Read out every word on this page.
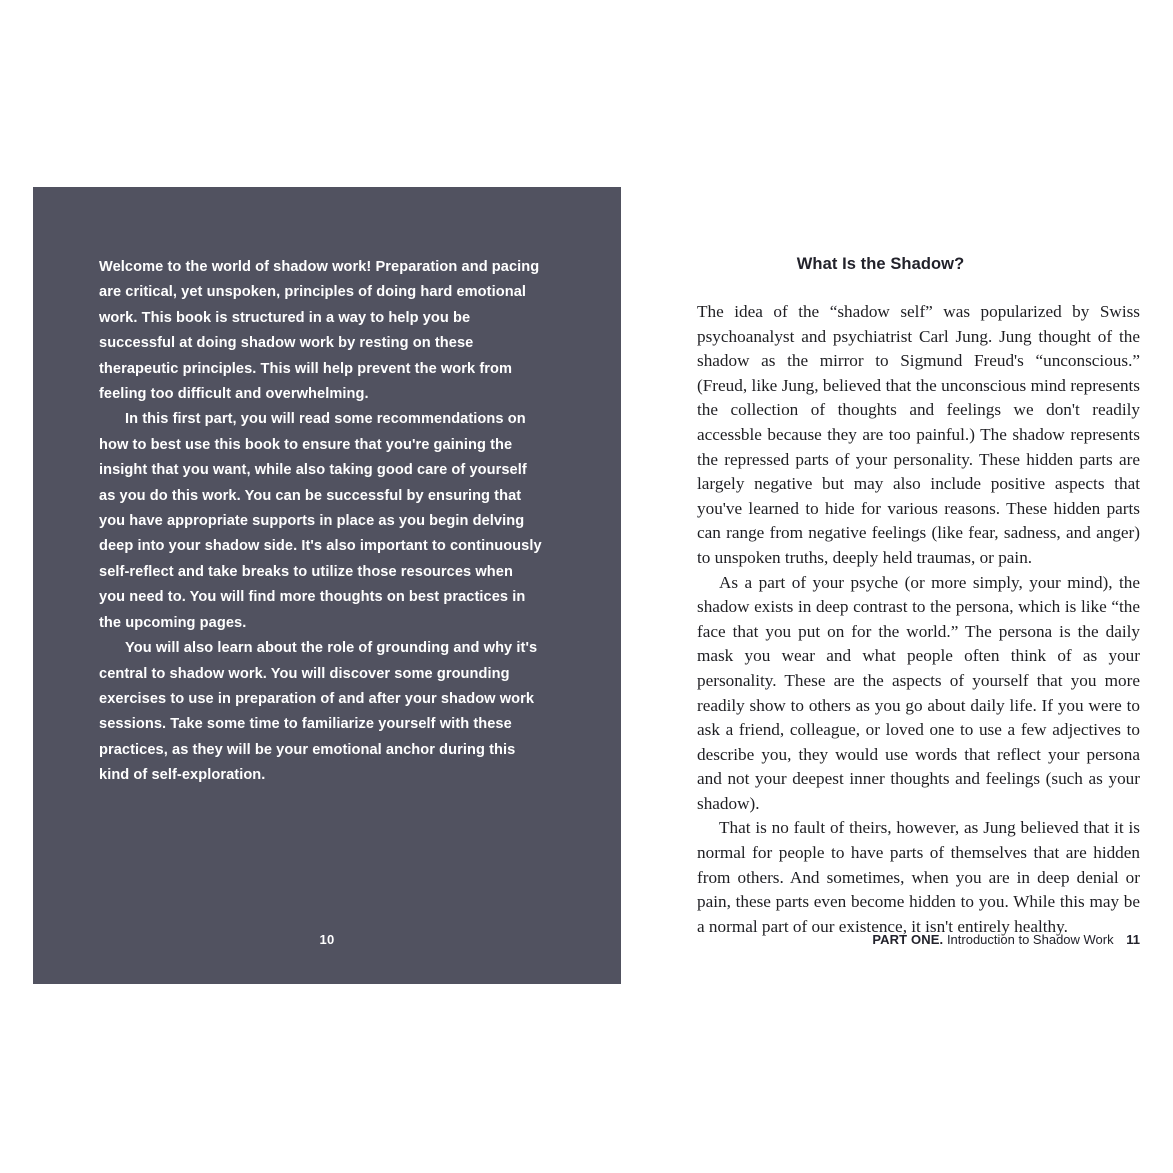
Welcome to the world of shadow work! Preparation and pacing are critical, yet unspoken, principles of doing hard emotional work. This book is structured in a way to help you be successful at doing shadow work by resting on these therapeutic principles. This will help prevent the work from feeling too difficult and overwhelming.

In this first part, you will read some recommendations on how to best use this book to ensure that you're gaining the insight that you want, while also taking good care of yourself as you do this work. You can be successful by ensuring that you have appropriate supports in place as you begin delving deep into your shadow side. It's also important to continuously self-reflect and take breaks to utilize those resources when you need to. You will find more thoughts on best practices in the upcoming pages.

You will also learn about the role of grounding and why it's central to shadow work. You will discover some grounding exercises to use in preparation of and after your shadow work sessions. Take some time to familiarize yourself with these practices, as they will be your emotional anchor during this kind of self-exploration.

10
What Is the Shadow?

The idea of the “shadow self” was popularized by Swiss psychoanalyst and psychiatrist Carl Jung. Jung thought of the shadow as the mirror to Sigmund Freud's “unconscious.” (Freud, like Jung, believed that the unconscious mind represents the collection of thoughts and feelings we don't readily accessble because they are too painful.) The shadow represents the repressed parts of your personality. These hidden parts are largely negative but may also include positive aspects that you've learned to hide for various reasons. These hidden parts can range from negative feelings (like fear, sadness, and anger) to unspoken truths, deeply held traumas, or pain.

As a part of your psyche (or more simply, your mind), the shadow exists in deep contrast to the persona, which is like “the face that you put on for the world.” The persona is the daily mask you wear and what people often think of as your personality. These are the aspects of yourself that you more readily show to others as you go about daily life. If you were to ask a friend, colleague, or loved one to use a few adjectives to describe you, they would use words that reflect your persona and not your deepest inner thoughts and feelings (such as your shadow).

That is no fault of theirs, however, as Jung believed that it is normal for people to have parts of themselves that are hidden from others. And sometimes, when you are in deep denial or pain, these parts even become hidden to you. While this may be a normal part of our existence, it isn't entirely healthy.

PART ONE. Introduction to Shadow Work 11
